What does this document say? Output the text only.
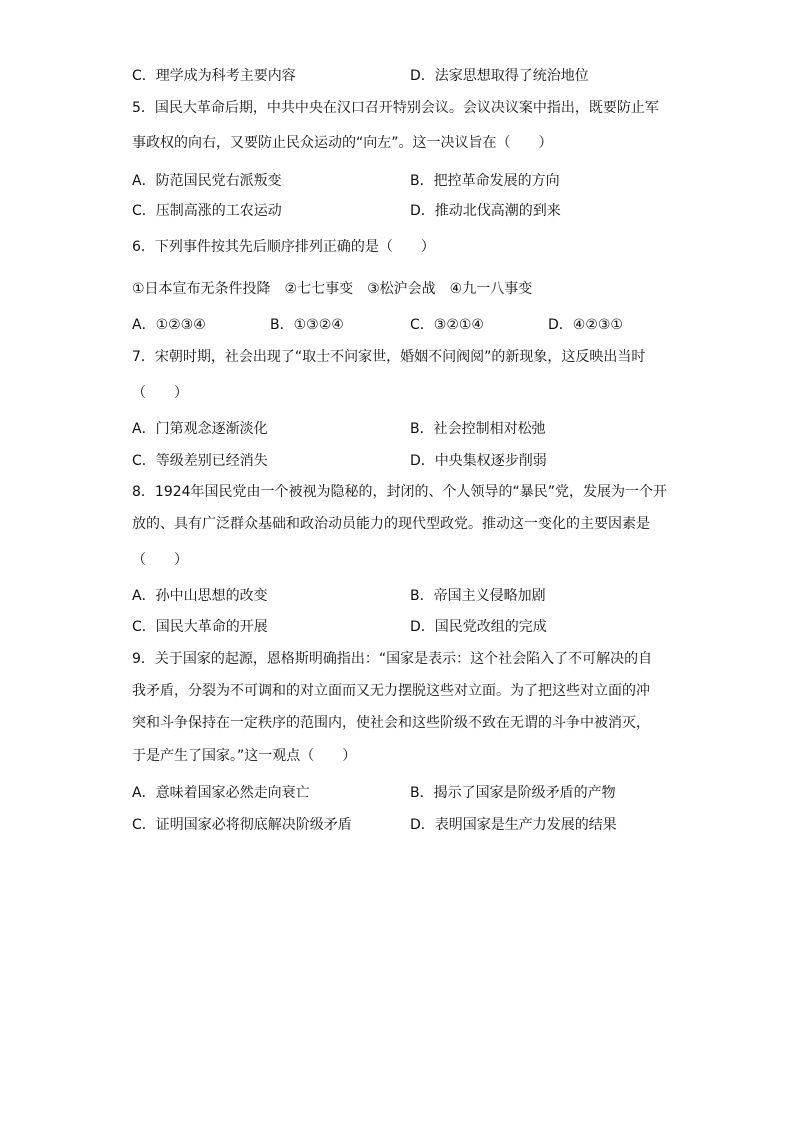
C．理学成为科考主要内容	D．法家思想取得了统治地位
5．国民大革命后期，中共中央在汉口召开特别会议。会议决议案中指出，既要防止军
事政权的向右，又要防止民众运动的“向左”。这一决议旨在（　　）
A．防范国民党右派叛变	B．把控革命发展的方向
C．压制高涨的工农运动	D．推动北伐高潮的到来
6．下列事件按其先后顺序排列正确的是（　　）
①日本宣布无条件投降　②七七事变　③松沪会战　④九一八事变
A．①②③④	B．①③②④	C．③②①④	D．④②③①
7．宋朝时期，社会出现了“取士不问家世，婚姻不问阀阅”的新现象，这反映出当时
（　　）
A．门第观念逐渐淡化	B．社会控制相对松弛
C．等级差别已经消失	D．中央集权逐步削弱
8．1924年国民党由一个被视为隐秘的，封闭的、个人领导的“暴民”党，发展为一个开
放的、具有广泛群众基础和政治动员能力的现代型政党。推动这一变化的主要因素是
（　　）
A．孙中山思想的改变	B．帝国主义侵略加剧
C．国民大革命的开展	D．国民党改组的完成
9．关于国家的起源，恩格斯明确指出：“国家是表示：这个社会陷入了不可解决的自
我矛盾，分裂为不可调和的对立面而又无力摆脱这些对立面。为了把这些对立面的冲
突和斗争保持在一定秩序的范围内，使社会和这些阶级不致在无谓的斗争中被消灭，
于是产生了国家。”这一观点（　　）
A．意味着国家必然走向衰亡	B．揭示了国家是阶级矛盾的产物
C．证明国家必将彻底解决阶级矛盾	D．表明国家是生产力发展的结果
